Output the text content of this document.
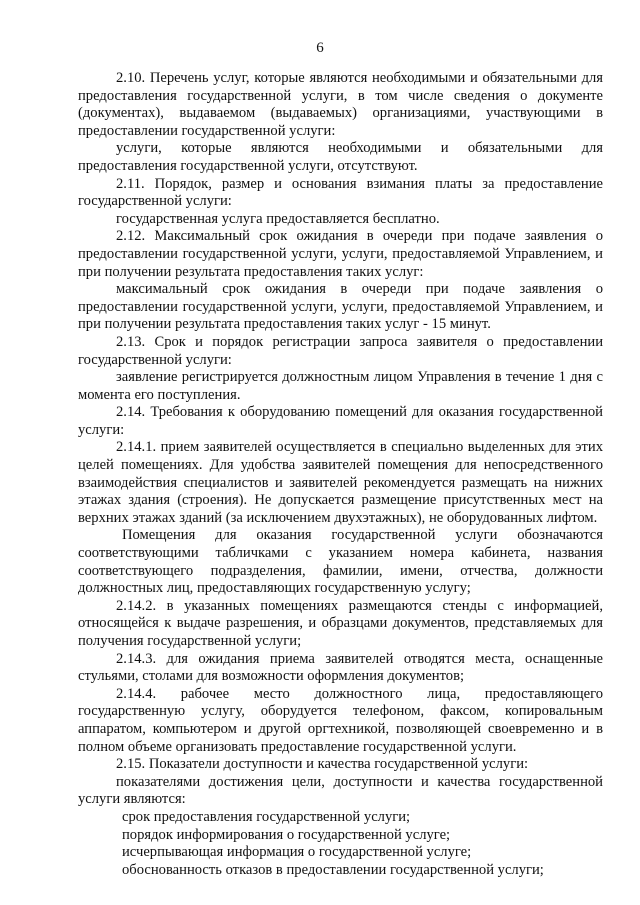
6

2.10. Перечень услуг, которые являются необходимыми и обязательными для предоставления государственной услуги, в том числе сведения о документе (документах), выдаваемом (выдаваемых) организациями, участвующими в предоставлении государственной услуги:

услуги, которые являются необходимыми и обязательными для предоставления государственной услуги, отсутствуют.

2.11. Порядок, размер и основания взимания платы за предоставление государственной услуги:

государственная услуга предоставляется бесплатно.

2.12. Максимальный срок ожидания в очереди при подаче заявления о предоставлении государственной услуги, услуги, предоставляемой Управлением, и при получении результата предоставления таких услуг:

максимальный срок ожидания в очереди при подаче заявления о предоставлении государственной услуги, услуги, предоставляемой Управлением, и при получении результата предоставления таких услуг - 15 минут.

2.13. Срок и порядок регистрации запроса заявителя о предоставлении государственной услуги:

заявление регистрируется должностным лицом Управления в течение 1 дня с момента его поступления.

2.14. Требования к оборудованию помещений для оказания государственной услуги:

2.14.1. прием заявителей осуществляется в специально выделенных для этих целей помещениях. Для удобства заявителей помещения для непосредственного взаимодействия специалистов и заявителей рекомендуется размещать на нижних этажах здания (строения). Не допускается размещение присутственных мест на верхних этажах зданий (за исключением двухэтажных), не оборудованных лифтом.

Помещения для оказания государственной услуги обозначаются соответствующими табличками с указанием номера кабинета, названия соответствующего подразделения, фамилии, имени, отчества, должности должностных лиц, предоставляющих государственную услугу;

2.14.2. в указанных помещениях размещаются стенды с информацией, относящейся к выдаче разрешения, и образцами документов, представляемых для получения государственной услуги;

2.14.3. для ожидания приема заявителей отводятся места, оснащенные стульями, столами для возможности оформления документов;

2.14.4. рабочее место должностного лица, предоставляющего государственную услугу, оборудуется телефоном, факсом, копировальным аппаратом, компьютером и другой оргтехникой, позволяющей своевременно и в полном объеме организовать предоставление государственной услуги.

2.15. Показатели доступности и качества государственной услуги:

показателями достижения цели, доступности и качества государственной услуги являются:

срок предоставления государственной услуги;

порядок информирования о государственной услуге;

исчерпывающая информация о государственной услуге;

обоснованность отказов в предоставлении государственной услуги;
